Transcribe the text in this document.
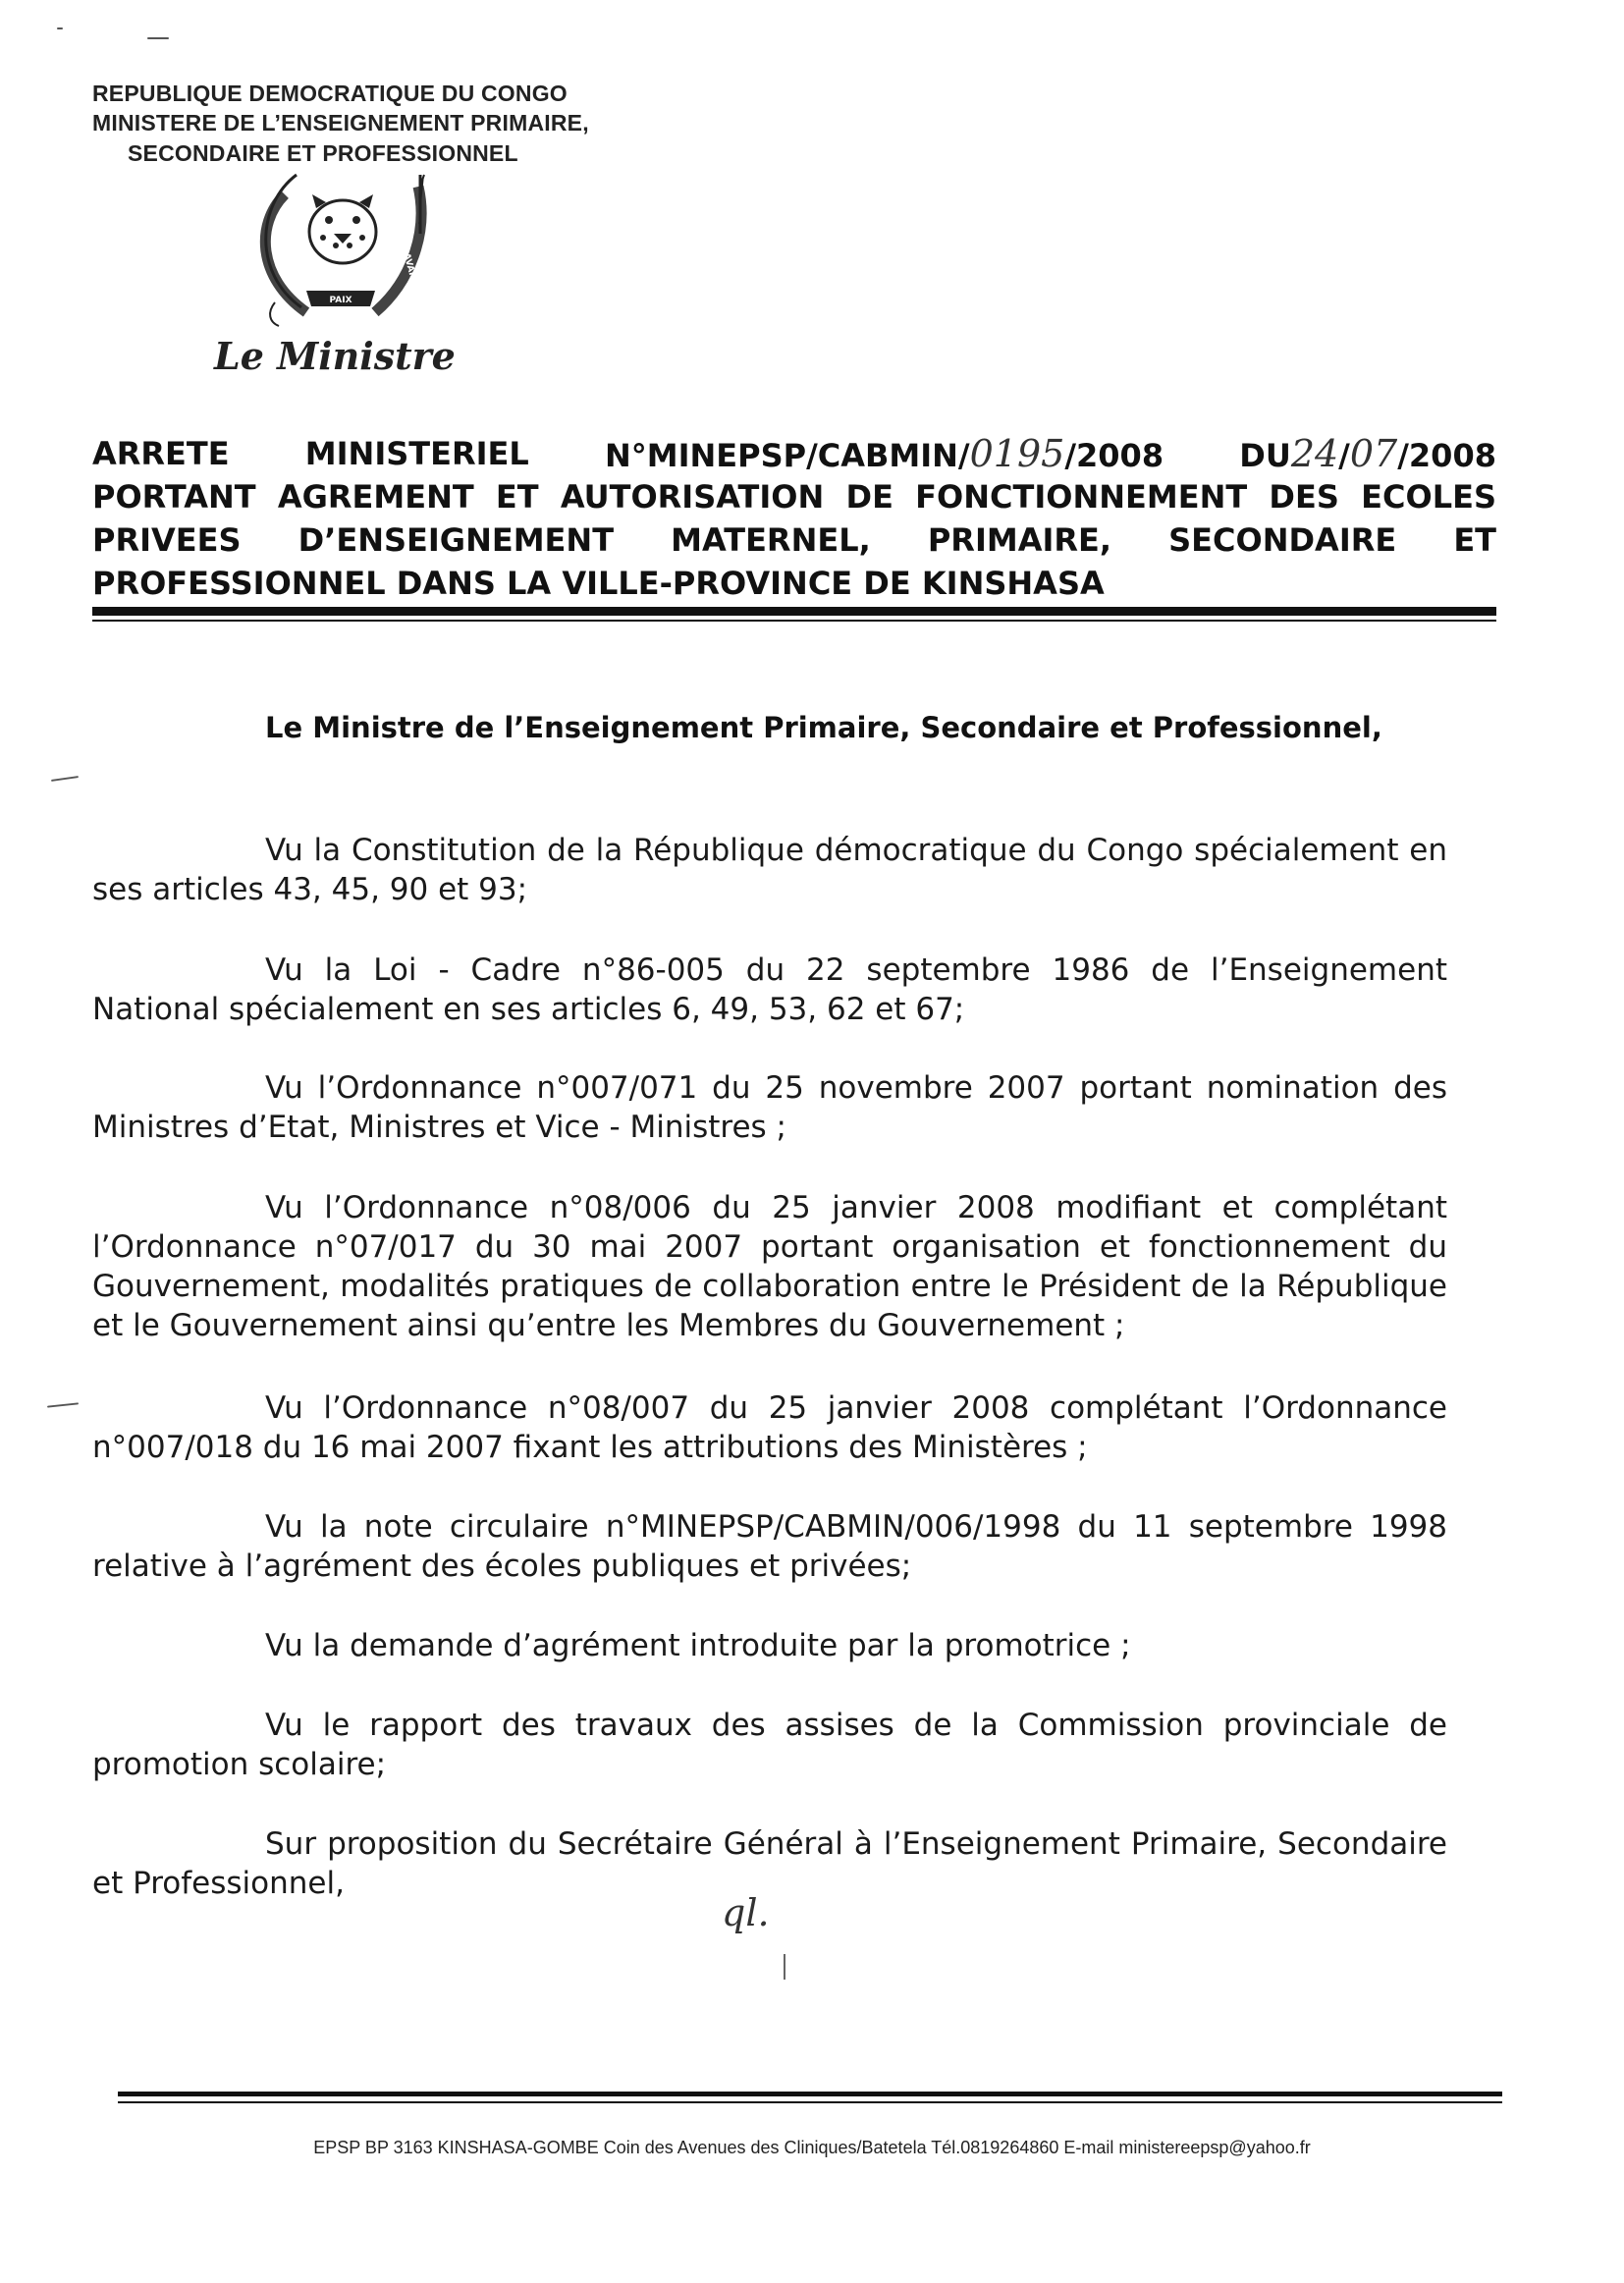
REPUBLIQUE DEMOCRATIQUE DU CONGO
MINISTERE DE L’ENSEIGNEMENT PRIMAIRE,
SECONDAIRE ET PROFESSIONNEL
PAIX
JUSTICE	TRAVAIL
Le Ministre
ARRETE MINISTERIEL N°MINEPSP/CABMIN/0195/2008 DU24/07/2008
PORTANT AGREMENT ET AUTORISATION DE FONCTIONNEMENT DES ECOLES
PRIVEES D’ENSEIGNEMENT MATERNEL, PRIMAIRE, SECONDAIRE ET
PROFESSIONNEL DANS LA VILLE-PROVINCE DE KINSHASA
Le Ministre de l’Enseignement Primaire, Secondaire et Professionnel,

Vu la Constitution de la République démocratique du Congo spécialement en ses articles 43, 45, 90 et 93;

Vu la Loi - Cadre n°86-005 du 22 septembre 1986 de l’Enseignement National spécialement en ses articles 6, 49, 53, 62 et 67;

Vu l’Ordonnance n°007/071 du 25 novembre 2007 portant nomination des Ministres d’Etat, Ministres et Vice - Ministres ;

Vu l’Ordonnance n°08/006 du 25 janvier 2008 modifiant et complétant l’Ordonnance n°07/017 du 30 mai 2007 portant organisation et fonctionnement du Gouvernement, modalités pratiques de collaboration entre le Président de la République et le Gouvernement ainsi qu’entre les Membres du Gouvernement ;

Vu l’Ordonnance n°08/007 du 25 janvier 2008 complétant l’Ordonnance n°007/018 du 16 mai 2007 fixant les attributions des Ministères ;

Vu la note circulaire n°MINEPSP/CABMIN/006/1998 du 11 septembre 1998 relative à l’agrément des écoles publiques et privées;

Vu la demande d’agrément introduite par la promotrice ;

Vu le rapport des travaux des assises de la Commission provinciale de promotion scolaire;

Sur proposition du Secrétaire Général à l’Enseignement Primaire, Secondaire et Professionnel,

ql.
EPSP BP 3163 KINSHASA-GOMBE Coin des Avenues des Cliniques/Batetela Tél.0819264860 E-mail ministereepsp@yahoo.fr
